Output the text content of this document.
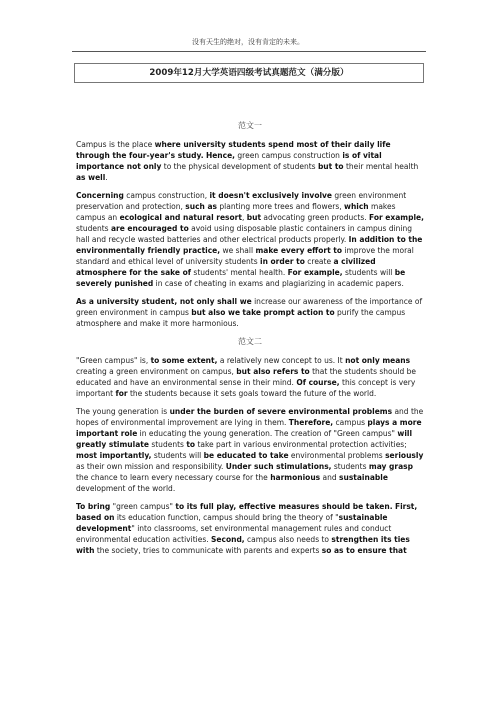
没有天生的绝对，没有肯定的未来。
2009年12月大学英语四级考试真题范文（满分版）
范文一

Campus is the place where university students spend most of their daily life through the four-year's study. Hence, green campus construction is of vital importance not only to the physical development of students but to their mental health as well.

Concerning campus construction, it doesn't exclusively involve green environment preservation and protection, such as planting more trees and flowers, which makes campus an ecological and natural resort, but advocating green products. For example, students are encouraged to avoid using disposable plastic containers in campus dining hall and recycle wasted batteries and other electrical products properly. In addition to the environmentally friendly practice, we shall make every effort to improve the moral standard and ethical level of university students in order to create a civilized atmosphere for the sake of students' mental health. For example, students will be severely punished in case of cheating in exams and plagiarizing in academic papers.

As a university student, not only shall we increase our awareness of the importance of green environment in campus but also we take prompt action to purify the campus atmosphere and make it more harmonious.

范文二

"Green campus" is, to some extent, a relatively new concept to us. It not only means creating a green environment on campus, but also refers to that the students should be educated and have an environmental sense in their mind. Of course, this concept is very important for the students because it sets goals toward the future of the world.

The young generation is under the burden of severe environmental problems and the hopes of environmental improvement are lying in them. Therefore, campus plays a more important role in educating the young generation. The creation of "Green campus" will greatly stimulate students to take part in various environmental protection activities; most importantly, students will be educated to take environmental problems seriously as their own mission and responsibility. Under such stimulations, students may grasp the chance to learn every necessary course for the harmonious and sustainable development of the world.

To bring "green campus" to its full play, effective measures should be taken. First, based on its education function, campus should bring the theory of "sustainable development" into classrooms, set environmental management rules and conduct environmental education activities. Second, campus also needs to strengthen its ties with the society, tries to communicate with parents and experts so as to ensure that
